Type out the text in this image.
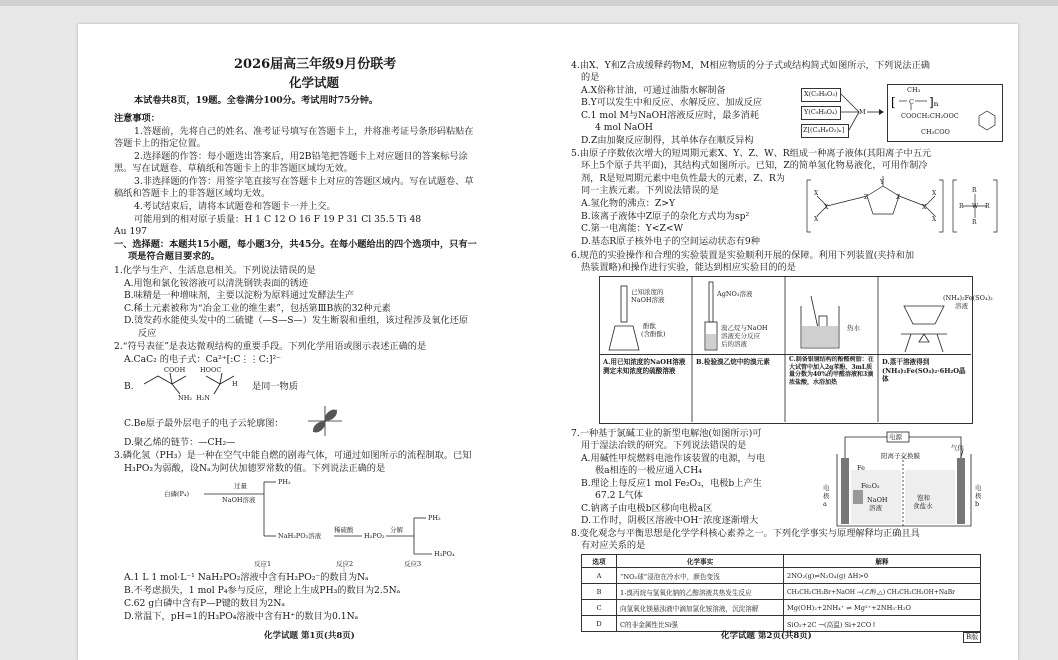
2026届高三年级9月份联考
化学试题
本试卷共8页，19题。全卷满分100分。考试用时75分钟。
注意事项：
1.答题前，先将自己的姓名、准考证号填写在答题卡上，并将准考证号条形码粘贴在
答题卡上的指定位置。
2.选择题的作答：每小题选出答案后，用2B铅笔把答题卡上对应题目的答案标号涂
黑。写在试题卷、草稿纸和答题卡上的非答题区域均无效。
3.非选择题的作答：用签字笔直接写在答题卡上对应的答题区域内。写在试题卷、草
稿纸和答题卡上的非答题区域均无效。
4.考试结束后，请将本试题卷和答题卡一并上交。
可能用到的相对原子质量：H 1 C 12 O 16 F 19 P 31 Cl 35.5 Ti 48
Au 197
一、选择题：本题共15小题，每小题3分，共45分。在每小题给出的四个选项中，只有一
项是符合题目要求的。
1.化学与生产、生活息息相关。下列说法错误的是
A.用饱和氯化铵溶液可以清洗钢铁表面的锈迹
B.味精是一种增味剂，主要以淀粉为原料通过发酵法生产
C.稀土元素被称为“冶金工业的维生素”，包括第ⅢB族的32种元素
D.烫发药水能使头发中的二硫键（—S—S—）发生断裂和重组，该过程涉及氧化还原
反应
2.“符号表征”是表达微观结构的重要手段。下列化学用语或图示表述正确的是
A.CaC₂ 的电子式：Ca²⁺[:C⋮⋮C:]²⁻
B.
COOH HOOC
NH₂ H₂N
H 是同一物质
C.Be原子最外层电子的电子云轮廓图：
D.聚乙烯的链节：—CH₂—
3.磷化氢（PH₃）是一种在空气中能自燃的剧毒气体，可通过如图所示的流程制取。已知
H₃PO₂为弱酸，设Nₐ为阿伏加德罗常数的值。下列说法正确的是
白磷(P₄)
过量
NaOH溶液
PH₃
NaH₂PO₂溶液
稀硫酸
H₃PO₂
分解
PH₃
H₃PO₄
反应1	反应2	反应3
A.1 L 1 mol·L⁻¹ NaH₂PO₂溶液中含有H₂PO₂⁻的数目为Nₐ
B.不考虑损失，1 mol P₄参与反应，理论上生成PH₃的数目为2.5Nₐ
C.62 g白磷中含有P—P键的数目为2Nₐ
D.常温下，pH=1的H₃PO₄溶液中含有H⁺的数目为0.1Nₐ
化学试题 第1页(共8页)
4.由X、Y和Z合成缓释药物M，M相应物质的分子式或结构简式如图所示，下列说法正确
的是
A.X俗称甘油，可通过油脂水解制备
B.Y可以发生中和反应、水解反应、加成反应
C.1 mol M与NaOH溶液反应时，最多消耗
4 mol NaOH
D.Z由加聚反应制得，其单体存在顺反异构
X(C₃H₈O₃)
Y(C₉H₈O₄)
Z[(C₄H₆O₂)ₙ]
M
CH₃
C
COOCH₂CH₂OOC
CH₃COO
[	]ₙ
5.由原子序数依次增大的短周期元素X、Y、Z、W、R组成一种离子液体(其阳离子中五元
环上5个原子共平面)，其结构式如图所示。已知，Z的简单氢化物易液化，可用作制冷
剂，R是短周期元素中电负性最大的元素，Z、R为
同一主族元素。下列说法错误的是
A.氢化物的沸点：Z>Y
B.该离子液体中Z原子的杂化方式均为sp²
C.第一电离能：Y<Z<W
D.基态R原子核外电子的空间运动状态有9种
X
X
X
X
X
X
Z	Z
Y
W
R
R
R	R
6.规范的实验操作和合理的实验装置是实验顺利开展的保障。利用下列装置(夹持和加
热装置略)和操作进行实验，能达到相应实验目的的是
已知浓度的
NaOH溶液
酚酞
(含酚酞)
AgNO₃溶液
溴乙烷与NaOH
溶液充分反应
后的溶液
热水
(NH₄)₂Fe(SO₄)₂
溶液
A.用已知浓度的NaOH溶液测定未知浓度的硫酸溶液
B.检验溴乙烷中的溴元素	C.制备银镜结构的酚醛树脂：在大试管中加入2g苯酚、3mL质量分数为40%的甲醛溶液和3滴浓盐酸，水浴加热
D.蒸干溶液得到(NH₄)₂Fe(SO₄)₂·6H₂O晶体
7.一种基于氯碱工业的新型电解池(如图所示)可
用于湿法冶铁的研究。下列说法错误的是
A.用碱性甲烷燃料电池作该装置的电源，与电
极a相连的一极应通入CH₄
B.理论上每反应1 mol Fe₂O₃，电极b上产生
67.2 L气体
C.钠离子由电极b区移向电极a区
D.工作时，阴极区溶液中OH⁻浓度逐渐增大
电源
气体
阳离子交换膜
Fe
Fe₂O₃
NaOH
溶液
饱和
食盐水
电极a
电极b
8.变化观念与平衡思想是化学学科核心素养之一。下列化学事实与原理解释均正确且具
有对应关系的是
选项	化学事实	解释
A	“NO₂球”浸泡在冷水中，颜色变浅	2NO₂(g)⇌N₂O₄(g) ΔH>0
B	1-溴丙烷与氢氧化钠的乙醇溶液共热发生反应	CH₃CH₂CH₂Br+NaOH →(乙醇,△) CH₃CH₂CH₂OH+NaBr
C	向氢氧化镁悬浊液中滴加氯化铵溶液，沉淀溶解	Mg(OH)₂+2NH₄⁺ ⇌ Mg²⁺+2NH₃·H₂O
D	C的非金属性比Si强	SiO₂+2C →(高温) Si+2CO↑
化学试题 第2页(共8页)	B版
